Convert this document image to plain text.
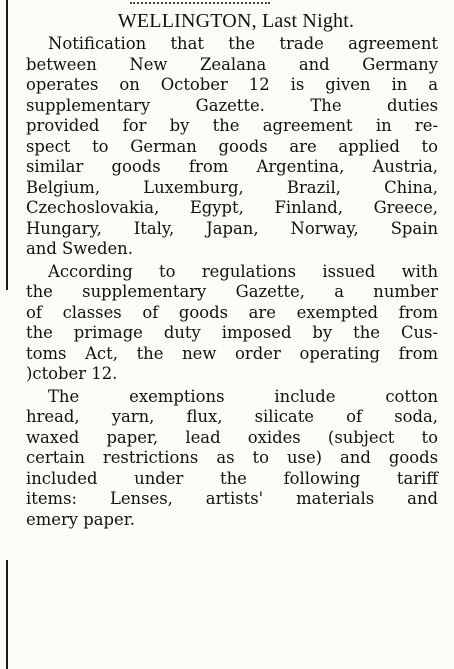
WELLINGTON, Last Night.
Notification that the trade agreement
between New Zealana and Germany
operates on October 12 is given in a
supplementary Gazette. The duties
provided for by the agreement in re-
spect to German goods are applied to
similar goods from Argentina, Austria,
Belgium, Luxemburg, Brazil, China,
Czechoslovakia, Egypt, Finland, Greece,
Hungary, Italy, Japan, Norway, Spain
and Sweden.
According to regulations issued with
the supplementary Gazette, a number
of classes of goods are exempted from
the primage duty imposed by the Cus-
toms Act, the new order operating from
)ctober 12.
The exemptions include cotton
hread, yarn, flux, silicate of soda,
waxed paper, lead oxides (subject to
certain restrictions as to use) and goods
included under the following tariff
items: Lenses, artists' materials and
emery paper.
